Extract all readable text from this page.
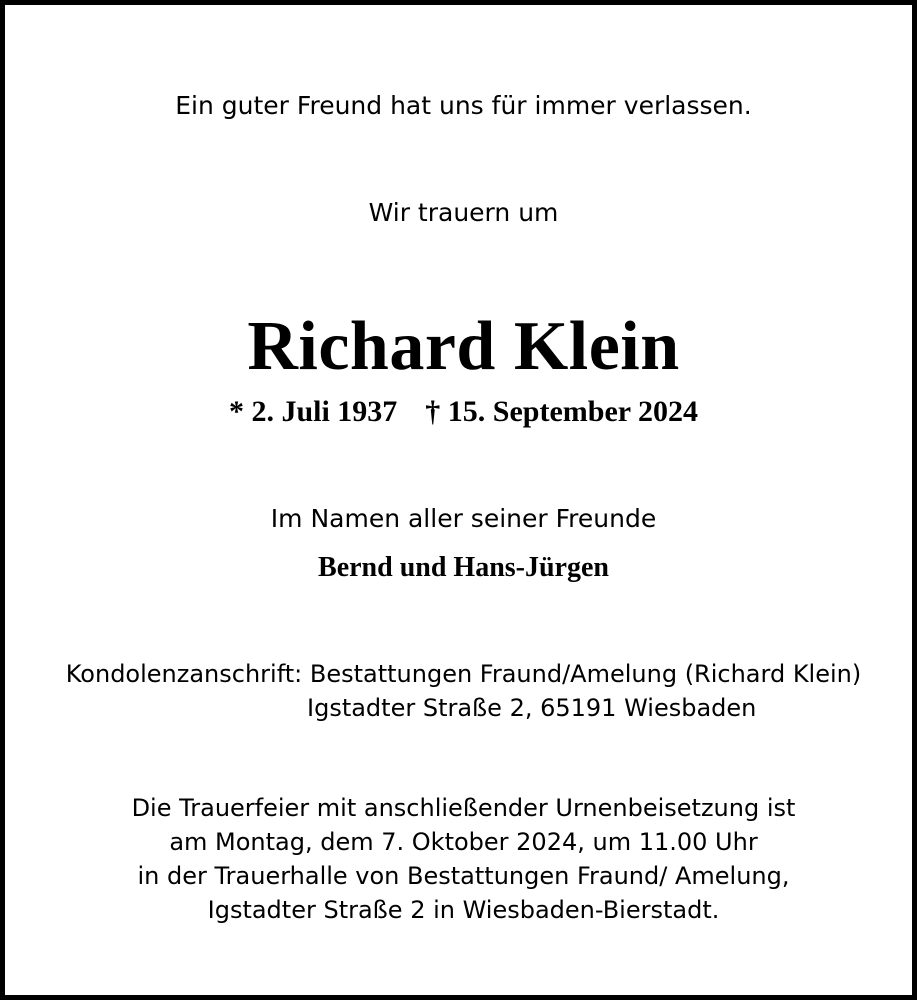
Ein guter Freund hat uns für immer verlassen.
Wir trauern um
Richard Klein
* 2. Juli 1937 † 15. September 2024
Im Namen aller seiner Freunde
Bernd und Hans-Jürgen
Kondolenzanschrift: Bestattungen Fraund/Amelung (Richard Klein)
Igstadter Straße 2, 65191 Wiesbaden
Die Trauerfeier mit anschließender Urnenbeisetzung ist
am Montag, dem 7. Oktober 2024, um 11.00 Uhr
in der Trauerhalle von Bestattungen Fraund/ Amelung,
Igstadter Straße 2 in Wiesbaden-Bierstadt.
